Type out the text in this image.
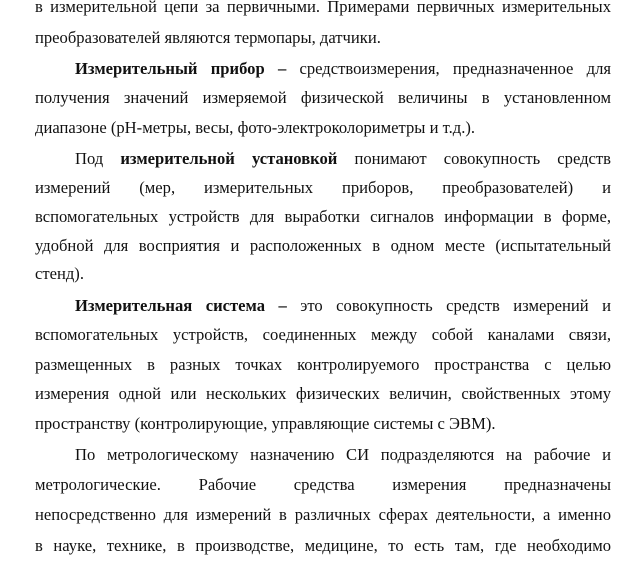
в измерительной цепи за первичными. Примерами первичных измерительных
преобразователей являются термопары, датчики.
Измерительный прибор – средствоизмерения, предназначенное для
получения значений измеряемой физической величины в установленном
диапазоне (рН-метры, весы, фото-электроколориметры и т.д.).
Под измерительной установкой понимают совокупность средств
измерений (мер, измерительных приборов, преобразователей) и
вспомогательных устройств для выработки сигналов информации в форме,
удобной для восприятия и расположенных в одном месте (испытательный
стенд).
Измерительная система – это совокупность средств измерений и
вспомогательных устройств, соединенных между собой каналами связи,
размещенных в разных точках контролируемого пространства с целью
измерения одной или нескольких физических величин, свойственных этому
пространству (контролирующие, управляющие системы с ЭВМ).
По метрологическому назначению СИ подразделяются на рабочие и
метрологические. Рабочие средства измерения предназначены
непосредственно для измерений в различных сферах деятельности, а именно
в науке, технике, в производстве, медицине, то есть там, где необходимо
